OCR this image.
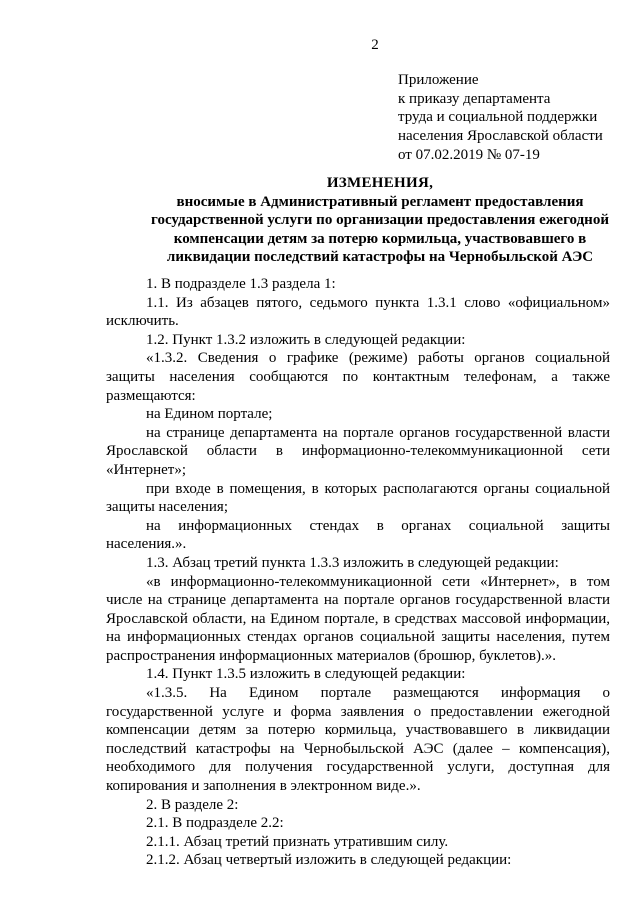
2
Приложение
к приказу департамента
труда и социальной поддержки
населения Ярославской области
от 07.02.2019 № 07-19
ИЗМЕНЕНИЯ,
вносимые в Административный регламент предоставления
государственной услуги по организации предоставления ежегодной
компенсации детям за потерю кормильца, участвовавшего в
ликвидации последствий катастрофы на Чернобыльской АЭС
1. В подразделе 1.3 раздела 1:
1.1. Из абзацев пятого, седьмого пункта 1.3.1 слово «официальном»
исключить.
1.2. Пункт 1.3.2 изложить в следующей редакции:
«1.3.2. Сведения о графике (режиме) работы органов социальной
защиты населения сообщаются по контактным телефонам, а также
размещаются:
на Едином портале;
на странице департамента на портале органов государственной власти
Ярославской области в информационно-телекоммуникационной сети
«Интернет»;
при входе в помещения, в которых располагаются органы социальной
защиты населения;
на информационных стендах в органах социальной защиты
населения.».
1.3. Абзац третий пункта 1.3.3 изложить в следующей редакции:
«в информационно-телекоммуникационной сети «Интернет», в том
числе на странице департамента на портале органов государственной власти
Ярославской области, на Едином портале, в средствах массовой информации,
на информационных стендах органов социальной защиты населения, путем
распространения информационных материалов (брошюр, буклетов).».
1.4. Пункт 1.3.5 изложить в следующей редакции:
«1.3.5. На Едином портале размещаются информация о
государственной услуге и форма заявления о предоставлении ежегодной
компенсации детям за потерю кормильца, участвовавшего в ликвидации
последствий катастрофы на Чернобыльской АЭС (далее – компенсация),
необходимого для получения государственной услуги, доступная для
копирования и заполнения в электронном виде.».
2. В разделе 2:
2.1. В подразделе 2.2:
2.1.1. Абзац третий признать утратившим силу.
2.1.2. Абзац четвертый изложить в следующей редакции:
